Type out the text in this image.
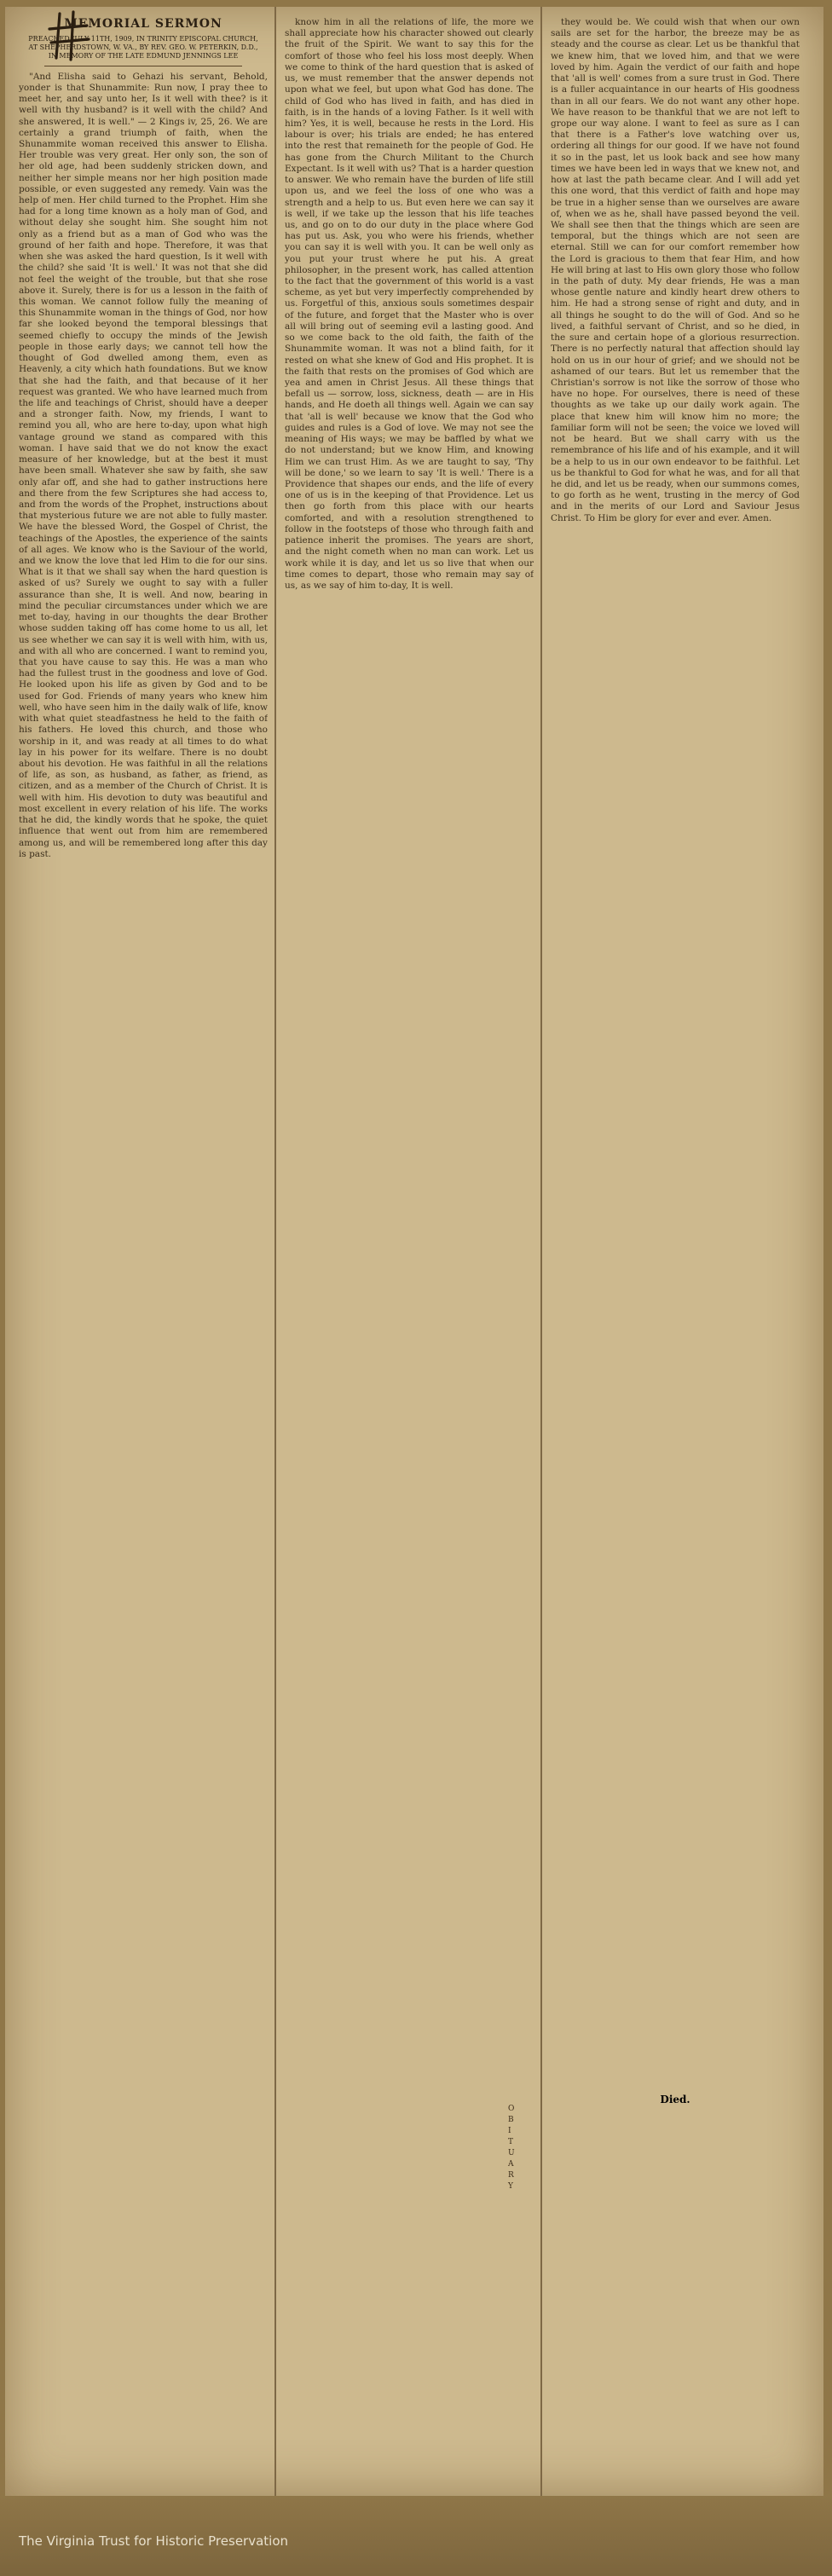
MEMORIAL SERMON
PREACHED JULY 11TH, 1909, IN TRINITY EPISCOPAL CHURCH, AT SHEPHERDSTOWN, W. VA., BY REV. GEO. W. PETERKIN, D.D., IN MEMORY OF THE LATE EDMUND JENNINGS LEE

"And Elisha said to Gehazi his servant, Behold, yonder is that Shunammite: Run now, I pray thee to meet her, and say unto her, Is it well with thee? is it well with thy husband? is it well with the child? And she answered, It is well." — 2 Kings iv, 25, 26. We are certainly a grand triumph of faith, when the Shunammite woman received this answer to Elisha. Her trouble was very great. Her only son, the son of her old age, had been suddenly stricken down, and neither her simple means nor her high position made possible, or even suggested any remedy. Vain was the help of men. Her child turned to the Prophet. Him she had for a long time known as a holy man of God, and without delay she sought him. She sought him not only as a friend but as a man of God who was the ground of her faith and hope. Therefore, it was that when she was asked the hard question, Is it well with the child? she said 'It is well.' It was not that she did not feel the weight of the trouble, but that she rose above it. Surely, there is for us a lesson in the faith of this woman. We cannot follow fully the meaning of this Shunammite woman in the things of God, nor how far she looked beyond the temporal blessings that seemed chiefly to occupy the minds of the Jewish people in those early days; we cannot tell how the thought of God dwelled among them, even as Heavenly, a city which hath foundations. But we know that she had the faith, and that because of it her request was granted. We who have learned much from the life and teachings of Christ, should have a deeper and a stronger faith. Now, my friends, I want to remind you all, who are here to-day, upon what high vantage ground we stand as compared with this woman. I have said that we do not know the exact measure of her knowledge, but at the best it must have been small. Whatever she saw by faith, she saw only afar off, and she had to gather instructions here and there from the few Scriptures she had access to, and from the words of the Prophet, instructions about that mysterious future we are not able to fully master. We have the blessed Word, the Gospel of Christ, the teachings of the Apostles, the experience of the saints of all ages. We know who is the Saviour of the world, and we know the love that led Him to die for our sins. What is it that we shall say when the hard question is asked of us? Surely we ought to say with a fuller assurance than she, It is well. And now, bearing in mind the peculiar circumstances under which we are met to-day, having in our thoughts the dear Brother whose sudden taking off has come home to us all, let us see whether we can say it is well with him, with us, and with all who are concerned. I want to remind you, that you have cause to say this. He was a man who had the fullest trust in the goodness and love of God. He looked upon his life as given by God and to be used for God. Friends of many years who knew him well, who have seen him in the daily walk of life, know with what quiet steadfastness he held to the faith of his fathers. He loved this church, and those who worship in it, and was ready at all times to do what lay in his power for its welfare. There is no doubt about his devotion. He was faithful in all the relations of life, as son, as husband, as father, as friend, as citizen, and as a member of the Church of Christ. It is well with him. His devotion to duty was beautiful and most excellent in every relation of his life. The works that he did, the kindly words that he spoke, the quiet influence that went out from him are remembered among us, and will be remembered long after this day is past.

know him in all the relations of life, the more we shall appreciate how his character showed out clearly the fruit of the Spirit. We want to say this for the comfort of those who feel his loss most deeply. When we come to think of the hard question that is asked of us, we must remember that the answer depends not upon what we feel, but upon what God has done. The child of God who has lived in faith, and has died in faith, is in the hands of a loving Father. Is it well with him? Yes, it is well, because he rests in the Lord. His labour is over; his trials are ended; he has entered into the rest that remaineth for the people of God. He has gone from the Church Militant to the Church Expectant. Is it well with us? That is a harder question to answer. We who remain have the burden of life still upon us, and we feel the loss of one who was a strength and a help to us. But even here we can say it is well, if we take up the lesson that his life teaches us, and go on to do our duty in the place where God has put us. Ask, you who were his friends, whether you can say it is well with you. It can be well only as you put your trust where he put his. A great philosopher, in the present work, has called attention to the fact that the government of this world is a vast scheme, as yet but very imperfectly comprehended by us. Forgetful of this, anxious souls sometimes despair of the future, and forget that the Master who is over all will bring out of seeming evil a lasting good. And so we come back to the old faith, the faith of the Shunammite woman. It was not a blind faith, for it rested on what she knew of God and His prophet. It is the faith that rests on the promises of God which are yea and amen in Christ Jesus. All these things that befall us — sorrow, loss, sickness, death — are in His hands, and He doeth all things well. Again we can say that 'all is well' because we know that the God who guides and rules is a God of love. We may not see the meaning of His ways; we may be baffled by what we do not understand; but we know Him, and knowing Him we can trust Him. As we are taught to say, 'Thy will be done,' so we learn to say 'It is well.' There is a Providence that shapes our ends, and the life of every one of us is in the keeping of that Providence. Let us then go forth from this place with our hearts comforted, and with a resolution strengthened to follow in the footsteps of those who through faith and patience inherit the promises. The years are short, and the night cometh when no man can work. Let us work while it is day, and let us so live that when our time comes to depart, those who remain may say of us, as we say of him to-day, It is well.

they would be. We could wish that when our own sails are set for the harbor, the breeze may be as steady and the course as clear. Let us be thankful that we knew him, that we loved him, and that we were loved by him. Again the verdict of our faith and hope that 'all is well' comes from a sure trust in God. There is a fuller acquaintance in our hearts of His goodness than in all our fears. We do not want any other hope. We have reason to be thankful that we are not left to grope our way alone. I want to feel as sure as I can that there is a Father's love watching over us, ordering all things for our good. If we have not found it so in the past, let us look back and see how many times we have been led in ways that we knew not, and how at last the path became clear. And I will add yet this one word, that this verdict of faith and hope may be true in a higher sense than we ourselves are aware of, when we as he, shall have passed beyond the veil. We shall see then that the things which are seen are temporal, but the things which are not seen are eternal. Still we can for our comfort remember how the Lord is gracious to them that fear Him, and how He will bring at last to His own glory those who follow in the path of duty. My dear friends, He was a man whose gentle nature and kindly heart drew others to him. He had a strong sense of right and duty, and in all things he sought to do the will of God. And so he lived, a faithful servant of Christ, and so he died, in the sure and certain hope of a glorious resurrection. There is no perfectly natural that affection should lay hold on us in our hour of grief; and we should not be ashamed of our tears. But let us remember that the Christian's sorrow is not like the sorrow of those who have no hope. For ourselves, there is need of these thoughts as we take up our daily work again. The place that knew him will know him no more; the familiar form will not be seen; the voice we loved will not be heard. But we shall carry with us the remembrance of his life and of his example, and it will be a help to us in our own endeavor to be faithful. Let us be thankful to God for what he was, and for all that he did, and let us be ready, when our summons comes, to go forth as he went, trusting in the mercy of God and in the merits of our Lord and Saviour Jesus Christ. To Him be glory for ever and ever. Amen.

Died.
O
B
I
T
U
A
R
Y
The Virginia Trust for Historic Preservation
